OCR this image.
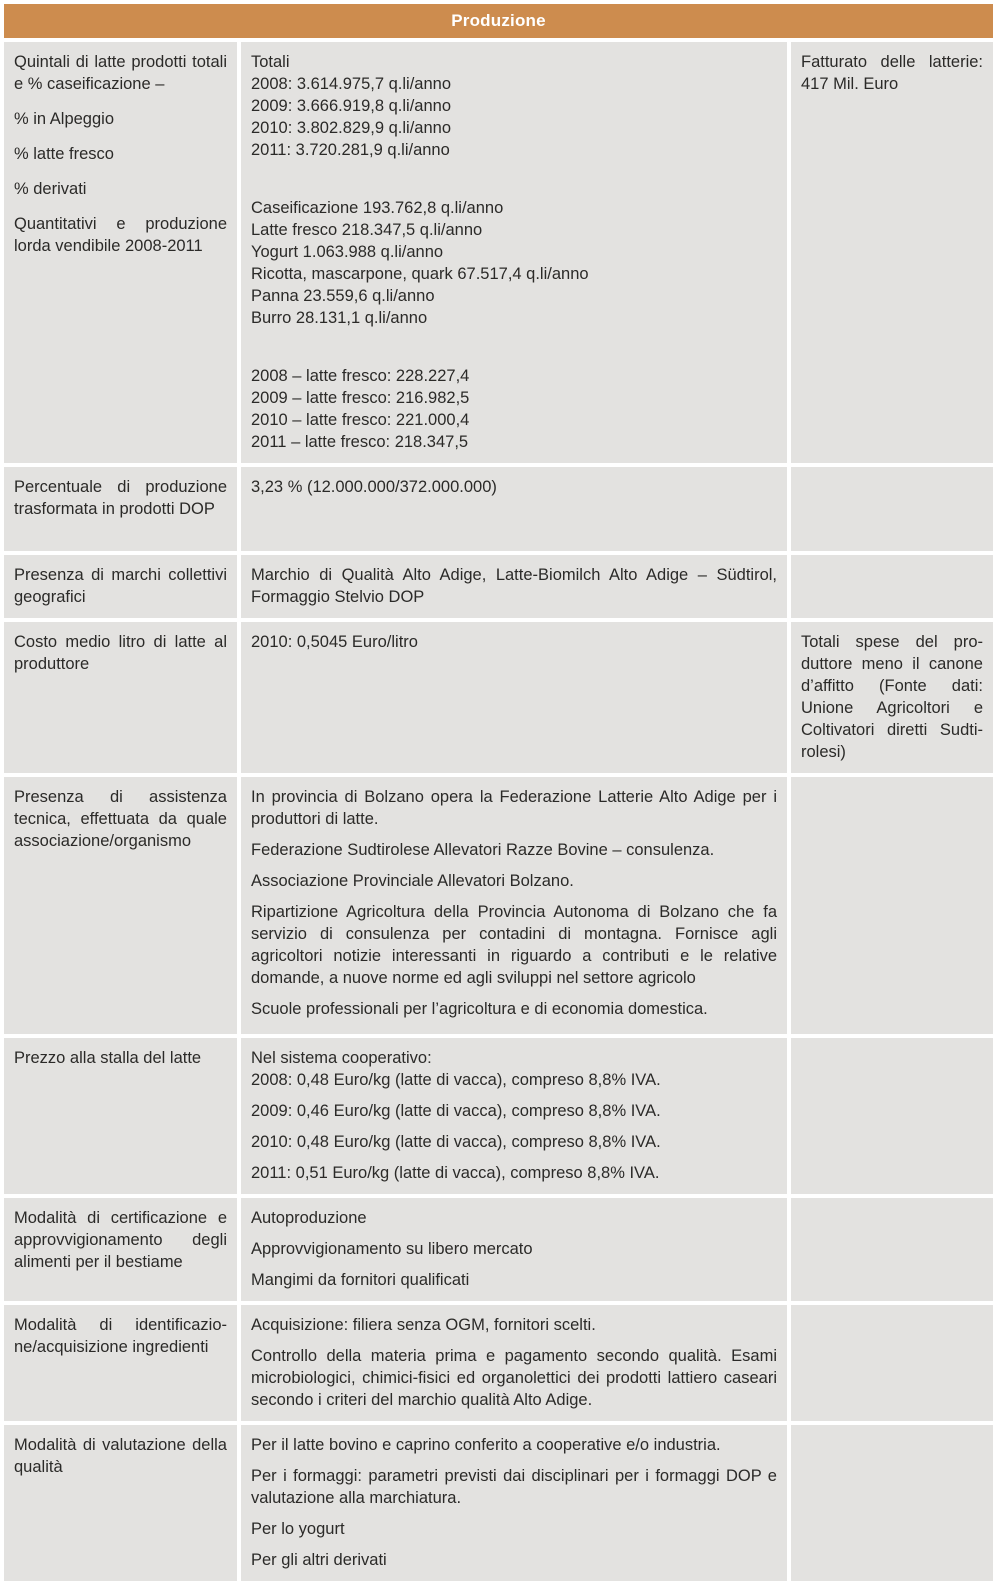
Produzione

Quintali di latte prodotti totali e % caseificazione –

% in Alpeggio

% latte fresco

% derivati

Quantitativi e produzione lorda vendibile 2008-2011

Totali
2008: 3.614.975,7 q.li/anno
2009: 3.666.919,8 q.li/anno
2010: 3.802.829,9 q.li/anno
2011: 3.720.281,9 q.li/anno

Caseificazione 193.762,8 q.li/anno
Latte fresco 218.347,5 q.li/anno
Yogurt 1.063.988 q.li/anno
Ricotta, mascarpone, quark 67.517,4 q.li/anno
Panna 23.559,6 q.li/anno
Burro 28.131,1 q.li/anno

2008 – latte fresco: 228.227,4
2009 – latte fresco: 216.982,5
2010 – latte fresco: 221.000,4
2011 – latte fresco: 218.347,5

Fatturato delle latterie: 417 Mil. Euro

Percentuale di produzione trasformata in prodotti DOP

3,23 % (12.000.000/372.000.000)

Presenza di marchi collettivi geografici

Marchio di Qualità Alto Adige, Latte-Biomilch Alto Adige – Südtirol, Formaggio Stelvio DOP

Costo medio litro di latte al produttore

2010: 0,5045 Euro/litro	Totali spese del produttore meno il canone d’affitto (Fonte dati: Unione Agricoltori e Coltivatori diretti Sudtirolesi)

Presenza di assistenza tecnica, effettuata da quale associazione/organismo

In provincia di Bolzano opera la Federazione Latterie Alto Adige per i produttori di latte.

Federazione Sudtirolese Allevatori Razze Bovine – consulenza.

Associazione Provinciale Allevatori Bolzano.

Ripartizione Agricoltura della Provincia Autonoma di Bolzano che fa servizio di consulenza per contadini di montagna. Fornisce agli agricoltori notizie interessanti in riguardo a contributi e le relative domande, a nuove norme ed agli sviluppi nel settore agricolo

Scuole professionali per l’agricoltura e di economia domestica.

Prezzo alla stalla del latte	Nel sistema cooperativo:
2008: 0,48 Euro/kg (latte di vacca), compreso 8,8% IVA.

2009: 0,46 Euro/kg (latte di vacca), compreso 8,8% IVA.

2010: 0,48 Euro/kg (latte di vacca), compreso 8,8% IVA.

2011: 0,51 Euro/kg (latte di vacca), compreso 8,8% IVA.

Modalità di certificazione e approvvigionamento degli alimenti per il bestiame

Autoproduzione

Approvvigionamento su libero mercato

Mangimi da fornitori qualificati

Modalità di identificazione/acquisizione ingredienti

Acquisizione: filiera senza OGM, fornitori scelti.

Controllo della materia prima e pagamento secondo qualità. Esami microbiologici, chimici-fisici ed organolettici dei prodotti lattiero caseari secondo i criteri del marchio qualità Alto Adige.

Modalità di valutazione della qualità

Per il latte bovino e caprino conferito a cooperative e/o industria.

Per i formaggi: parametri previsti dai disciplinari per i formaggi DOP e valutazione alla marchiatura.

Per lo yogurt

Per gli altri derivati
